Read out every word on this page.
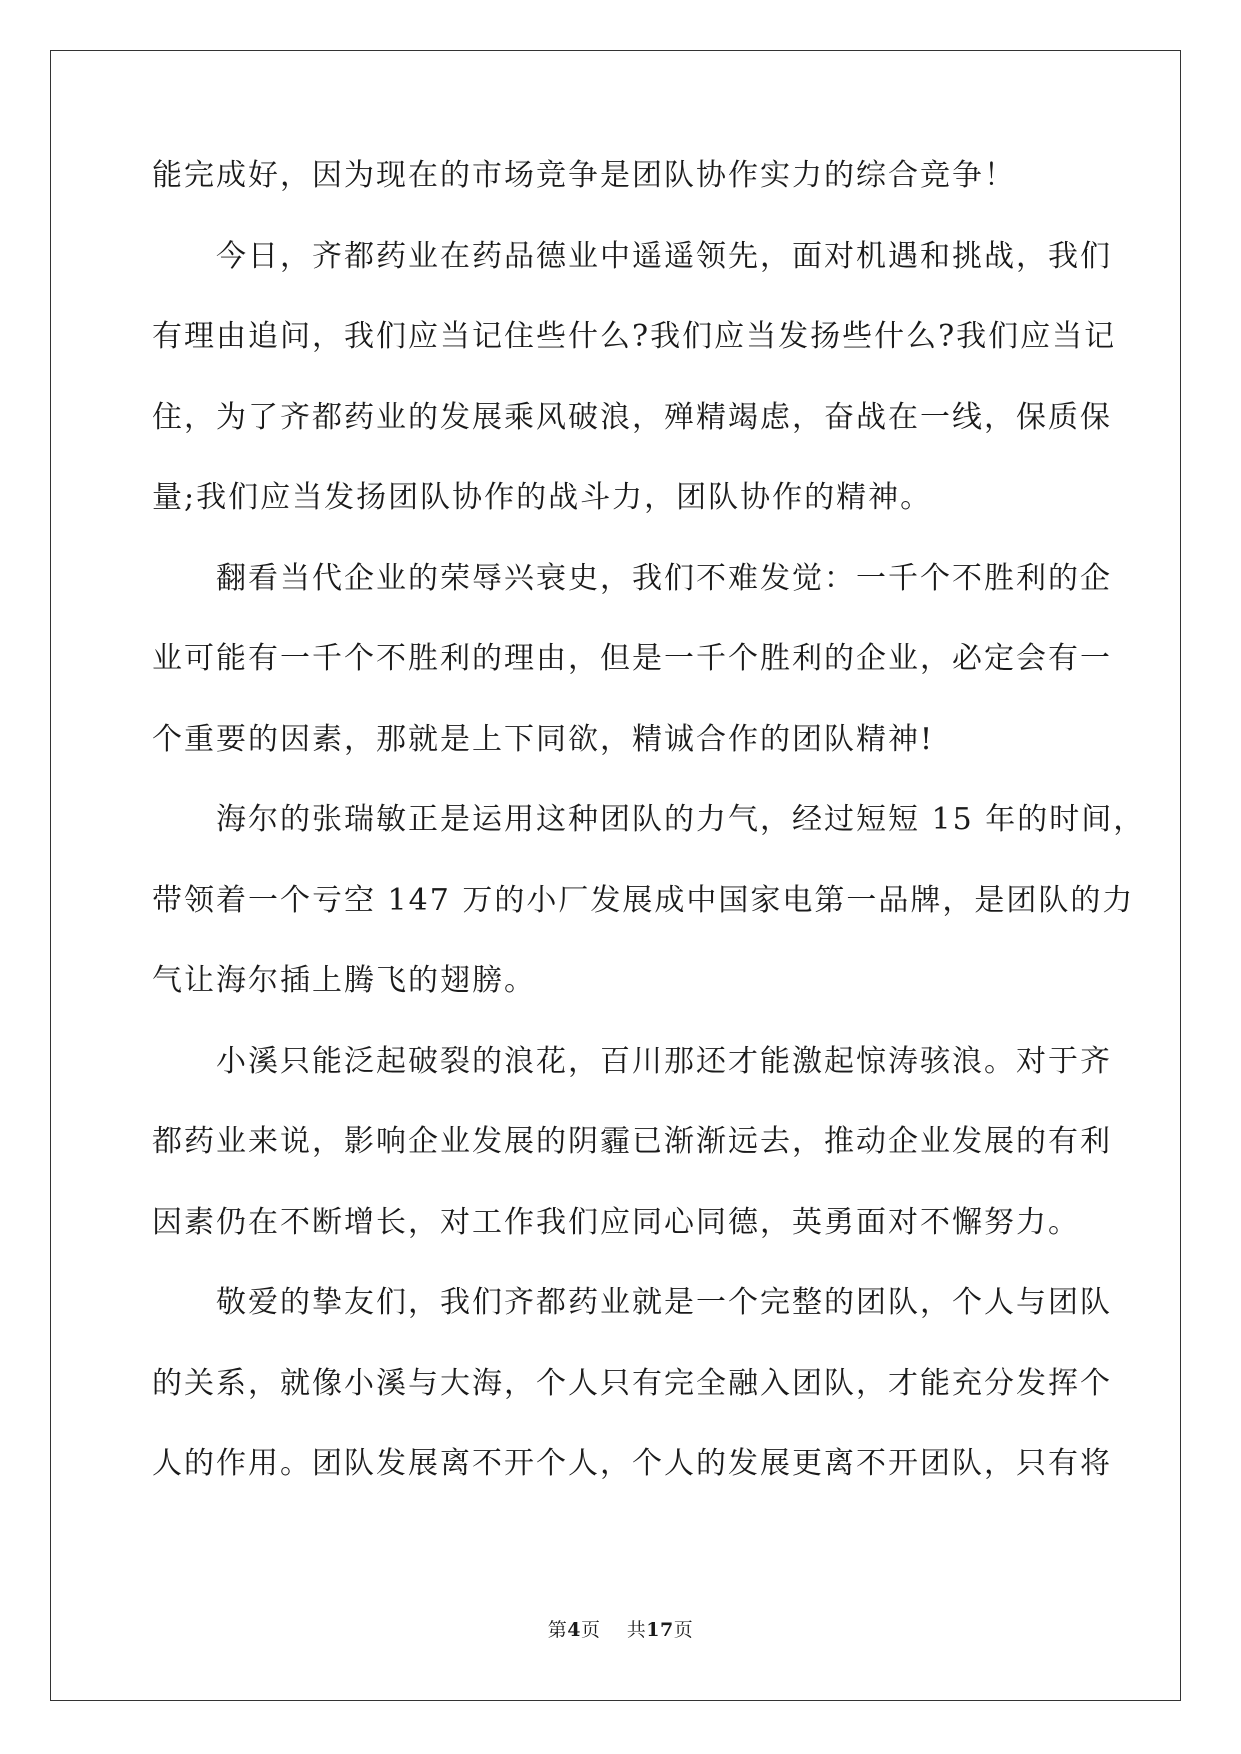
能完成好，因为现在的市场竞争是团队协作实力的综合竞争！
今日，齐都药业在药品德业中遥遥领先，面对机遇和挑战，我们
有理由追问，我们应当记住些什么?我们应当发扬些什么?我们应当记
住，为了齐都药业的发展乘风破浪，殚精竭虑，奋战在一线，保质保
量;我们应当发扬团队协作的战斗力，团队协作的精神。
翻看当代企业的荣辱兴衰史，我们不难发觉：一千个不胜利的企
业可能有一千个不胜利的理由，但是一千个胜利的企业，必定会有一
个重要的因素，那就是上下同欲，精诚合作的团队精神!
海尔的张瑞敏正是运用这种团队的力气，经过短短 15 年的时间，
带领着一个亏空 147 万的小厂发展成中国家电第一品牌，是团队的力
气让海尔插上腾飞的翅膀。
小溪只能泛起破裂的浪花，百川那还才能激起惊涛骇浪。对于齐
都药业来说，影响企业发展的阴霾已渐渐远去，推动企业发展的有利
因素仍在不断增长，对工作我们应同心同德，英勇面对不懈努力。
敬爱的挚友们，我们齐都药业就是一个完整的团队，个人与团队
的关系，就像小溪与大海，个人只有完全融入团队，才能充分发挥个
人的作用。团队发展离不开个人，个人的发展更离不开团队，只有将
第4页 共17页
